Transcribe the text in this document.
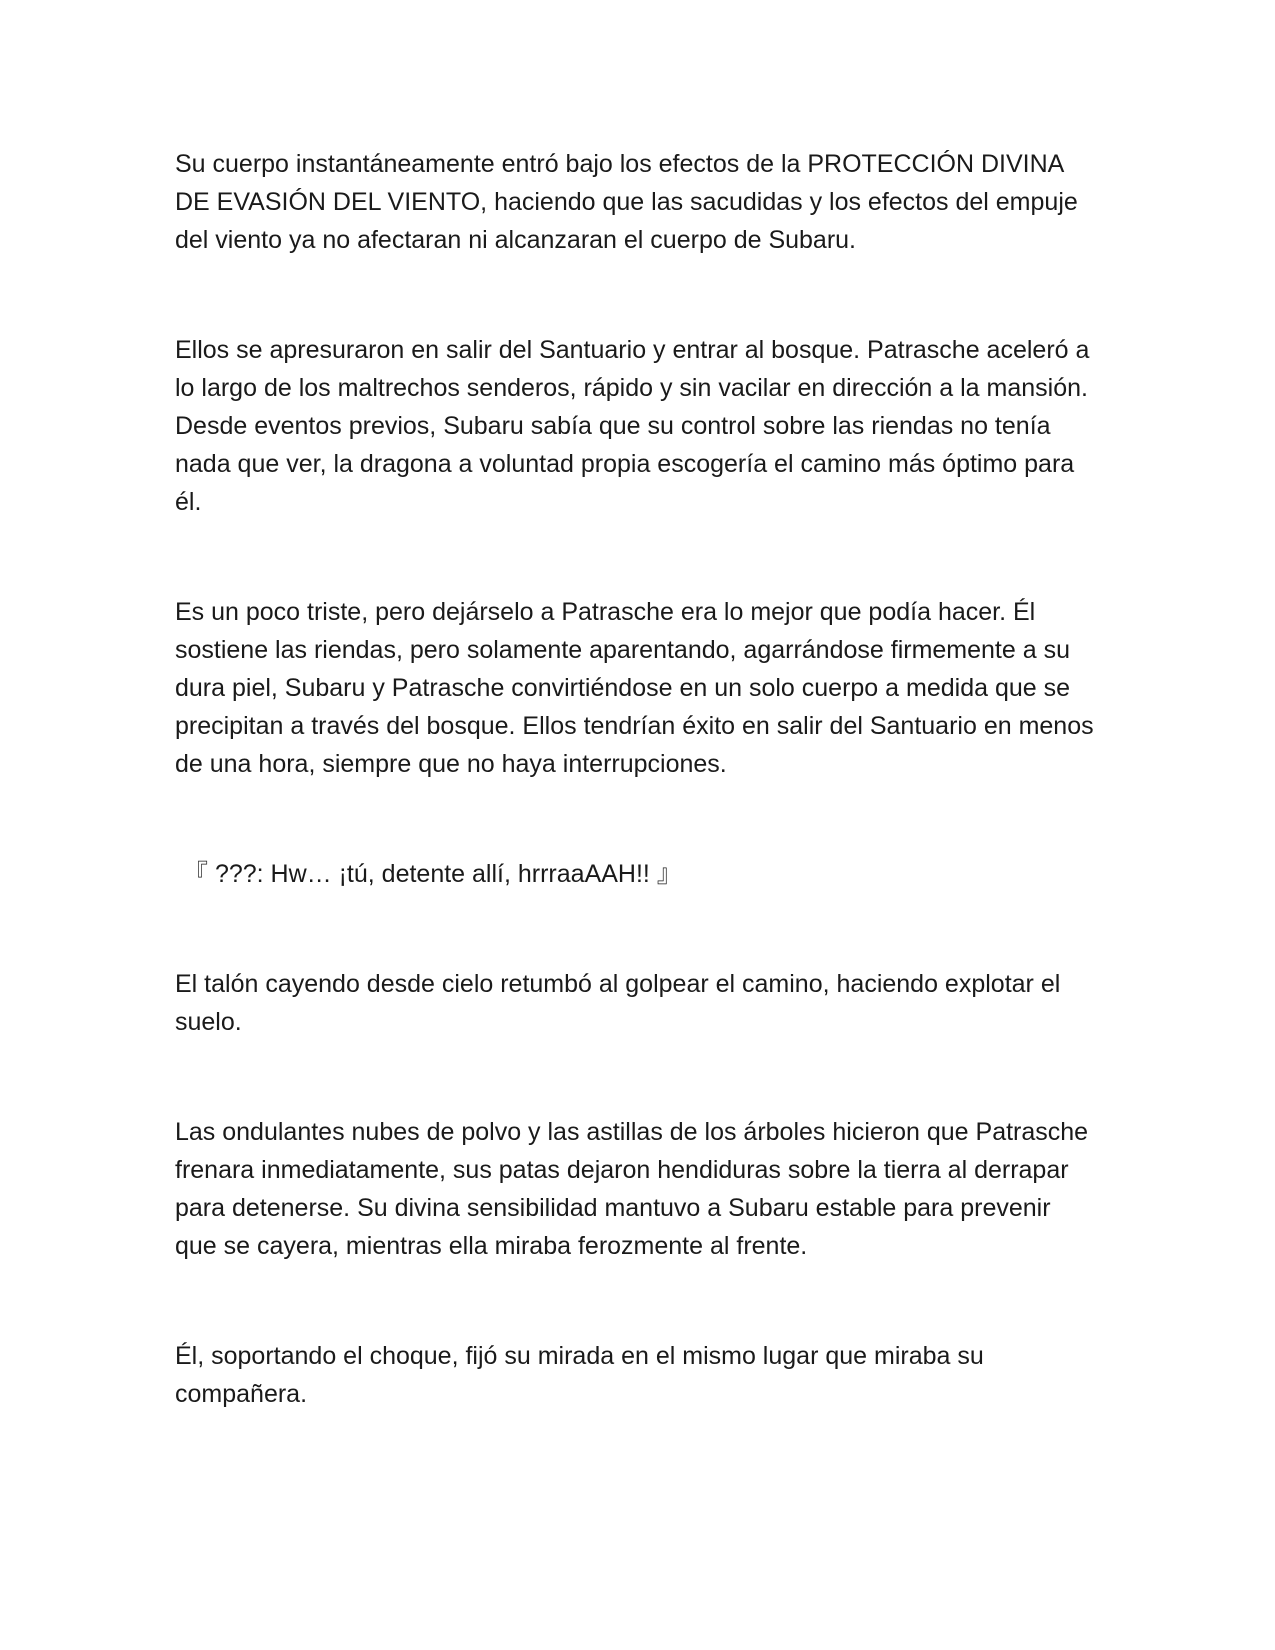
Su cuerpo instantáneamente entró bajo los efectos de la PROTECCIÓN DIVINA DE EVASIÓN DEL VIENTO, haciendo que las sacudidas y los efectos del empuje del viento ya no afectaran ni alcanzaran el cuerpo de Subaru.

Ellos se apresuraron en salir del Santuario y entrar al bosque. Patrasche aceleró a lo largo de los maltrechos senderos, rápido y sin vacilar en dirección a la mansión. Desde eventos previos, Subaru sabía que su control sobre las riendas no tenía nada que ver, la dragona a voluntad propia escogería el camino más óptimo para él.

Es un poco triste, pero dejárselo a Patrasche era lo mejor que podía hacer. Él sostiene las riendas, pero solamente aparentando, agarrándose firmemente a su dura piel, Subaru y Patrasche convirtiéndose en un solo cuerpo a medida que se precipitan a través del bosque. Ellos tendrían éxito en salir del Santuario en menos de una hora, siempre que no haya interrupciones.

『 ???: Hw… ¡tú, detente allí, hrrraaAAH!! 』

El talón cayendo desde cielo retumbó al golpear el camino, haciendo explotar el suelo.

Las ondulantes nubes de polvo y las astillas de los árboles hicieron que Patrasche frenara inmediatamente, sus patas dejaron hendiduras sobre la tierra al derrapar para detenerse. Su divina sensibilidad mantuvo a Subaru estable para prevenir que se cayera, mientras ella miraba ferozmente al frente.

Él, soportando el choque, fijó su mirada en el mismo lugar que miraba su compañera.
